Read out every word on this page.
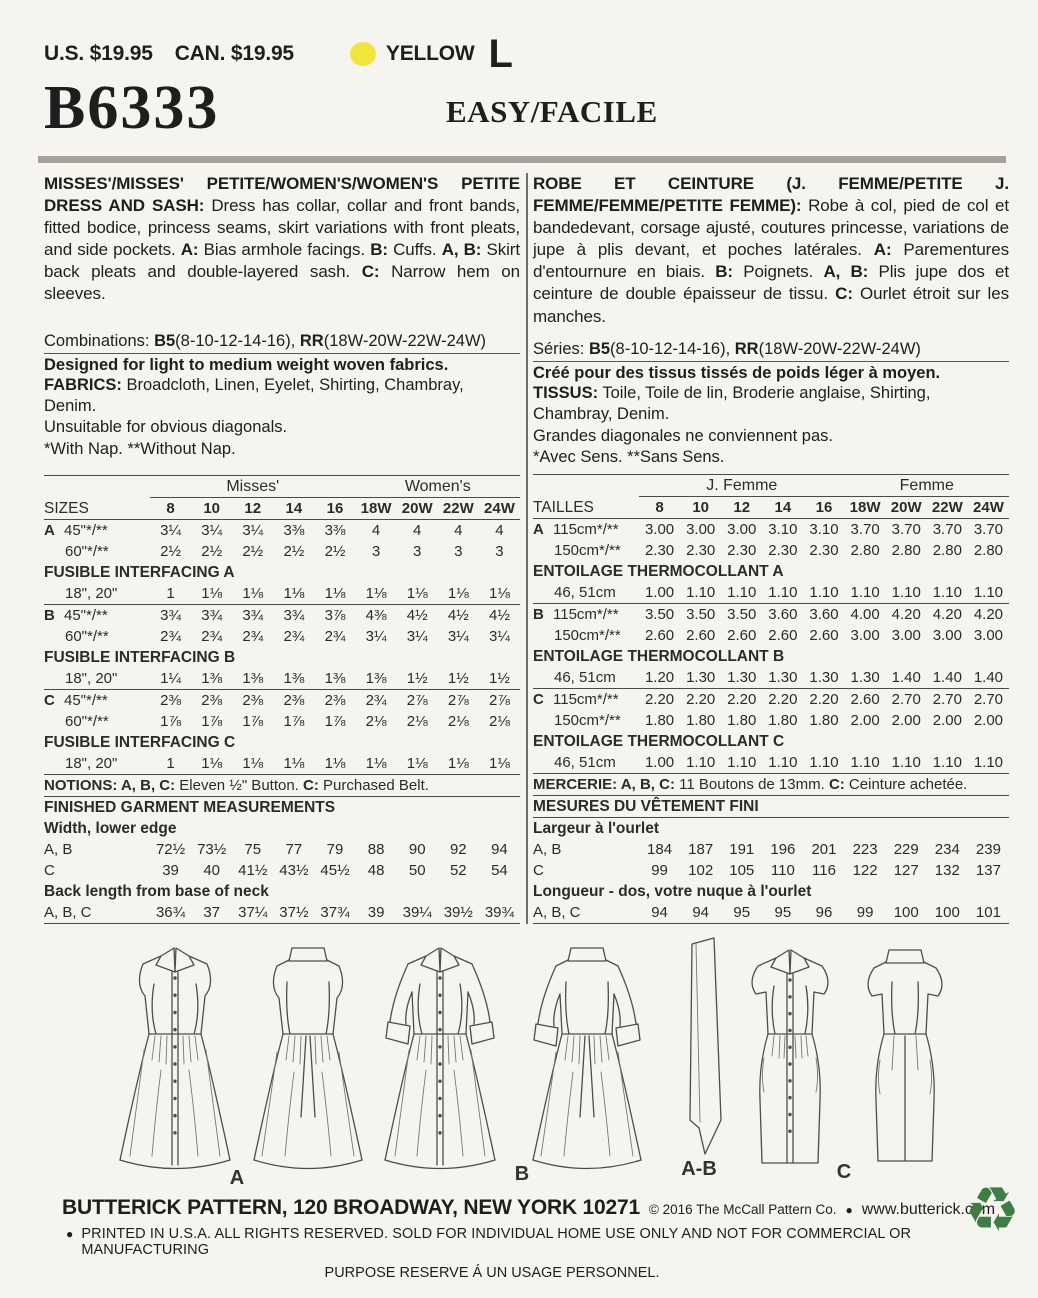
U.S. $19.95 CAN. $19.95	YELLOW L
B6333	EASY/FACILE

MISSES'/MISSES' PETITE/WOMEN'S/WOMEN'S PETITE DRESS AND SASH: Dress has collar, collar and front bands, fitted bodice, princess seams, skirt variations with front pleats, and side pockets. A: Bias armhole facings. B: Cuffs. A, B: Skirt back pleats and double-layered sash. C: Narrow hem on sleeves.

Combinations: B5(8-10-12-14-16), RR(18W-20W-22W-24W)

Designed for light to medium weight woven fabrics.

FABRICS: Broadcloth, Linen, Eyelet, Shirting, Chambray, Denim.

Unsuitable for obvious diagonals.

*With Nap. **Without Nap.

	Misses'					Women's			
SIZES	8	10	12	14	16	18W	20W	22W	24W
A 45"*/**	3¼	3¼	3¼	3⅜	3⅜	4	4	4	4
60"*/**	2½	2½	2½	2½	2½	3	3	3	3
FUSIBLE INTERFACING A									
18", 20"	1	1⅛	1⅛	1⅛	1⅛	1⅛	1⅛	1⅛	1⅛
B 45"*/**	3¾	3¾	3¾	3¾	3⅞	4⅜	4½	4½	4½
60"*/**	2¾	2¾	2¾	2¾	2¾	3¼	3¼	3¼	3¼
FUSIBLE INTERFACING B									
18", 20"	1¼	1⅜	1⅜	1⅜	1⅜	1⅜	1½	1½	1½
C 45"*/**	2⅜	2⅜	2⅜	2⅜	2⅜	2¾	2⅞	2⅞	2⅞
60"*/**	1⅞	1⅞	1⅞	1⅞	1⅞	2⅛	2⅛	2⅛	2⅛
FUSIBLE INTERFACING C									
18", 20"	1	1⅛	1⅛	1⅛	1⅛	1⅛	1⅛	1⅛	1⅛
NOTIONS: A, B, C: Eleven ½" Button. C: Purchased Belt.									
FINISHED GARMENT MEASUREMENTS									
Width, lower edge									
A, B	72½	73½	75	77	79	88	90	92	94
C	39	40	41½	43½	45½	48	50	52	54
Back length from base of neck									
A, B, C	36¾	37	37¼	37½	37¾	39	39¼	39½	39¾

ROBE ET CEINTURE (J. FEMME/PETITE J. FEMME/FEMME/PETITE FEMME): Robe à col, pied de col et bandedevant, corsage ajusté, coutures princesse, variations de jupe à plis devant, et poches latérales. A: Parementures d'entournure en biais. B: Poignets. A, B: Plis jupe dos et ceinture de double épaisseur de tissu. C: Ourlet étroit sur les manches.

Séries: B5(8-10-12-14-16), RR(18W-20W-22W-24W)

Créé pour des tissus tissés de poids léger à moyen.

TISSUS: Toile, Toile de lin, Broderie anglaise, Shirting, Chambray, Denim.

Grandes diagonales ne conviennent pas.

*Avec Sens. **Sans Sens.

	J. Femme					Femme			
TAILLES	8	10	12	14	16	18W	20W	22W	24W
A 115cm*/**	3.00	3.00	3.00	3.10	3.10	3.70	3.70	3.70	3.70
150cm*/**	2.30	2.30	2.30	2.30	2.30	2.80	2.80	2.80	2.80
ENTOILAGE THERMOCOLLANT A									
46, 51cm	1.00	1.10	1.10	1.10	1.10	1.10	1.10	1.10	1.10
B 115cm*/**	3.50	3.50	3.50	3.60	3.60	4.00	4.20	4.20	4.20
150cm*/**	2.60	2.60	2.60	2.60	2.60	3.00	3.00	3.00	3.00
ENTOILAGE THERMOCOLLANT B									
46, 51cm	1.20	1.30	1.30	1.30	1.30	1.30	1.40	1.40	1.40
C 115cm*/**	2.20	2.20	2.20	2.20	2.20	2.60	2.70	2.70	2.70
150cm*/**	1.80	1.80	1.80	1.80	1.80	2.00	2.00	2.00	2.00
ENTOILAGE THERMOCOLLANT C									
46, 51cm	1.00	1.10	1.10	1.10	1.10	1.10	1.10	1.10	1.10
MERCERIE: A, B, C: 11 Boutons de 13mm. C: Ceinture achetée.									
MESURES DU VÊTEMENT FINI									
Largeur à l'ourlet									
A, B	184	187	191	196	201	223	229	234	239
C	99	102	105	110	116	122	127	132	137
Longueur - dos, votre nuque à l'ourlet									
A, B, C	94	94	95	95	96	99	100	100	101
A	B	A-B	C
BUTTERICK PATTERN, 120 BROADWAY, NEW YORK 10271 © 2016 The McCall Pattern Co. ● www.butterick.com
● PRINTED IN U.S.A. ALL RIGHTS RESERVED. SOLD FOR INDIVIDUAL HOME USE ONLY AND NOT FOR COMMERCIAL OR MANUFACTURING
PURPOSE RESERVE Á UN USAGE PERSONNEL.
♻
